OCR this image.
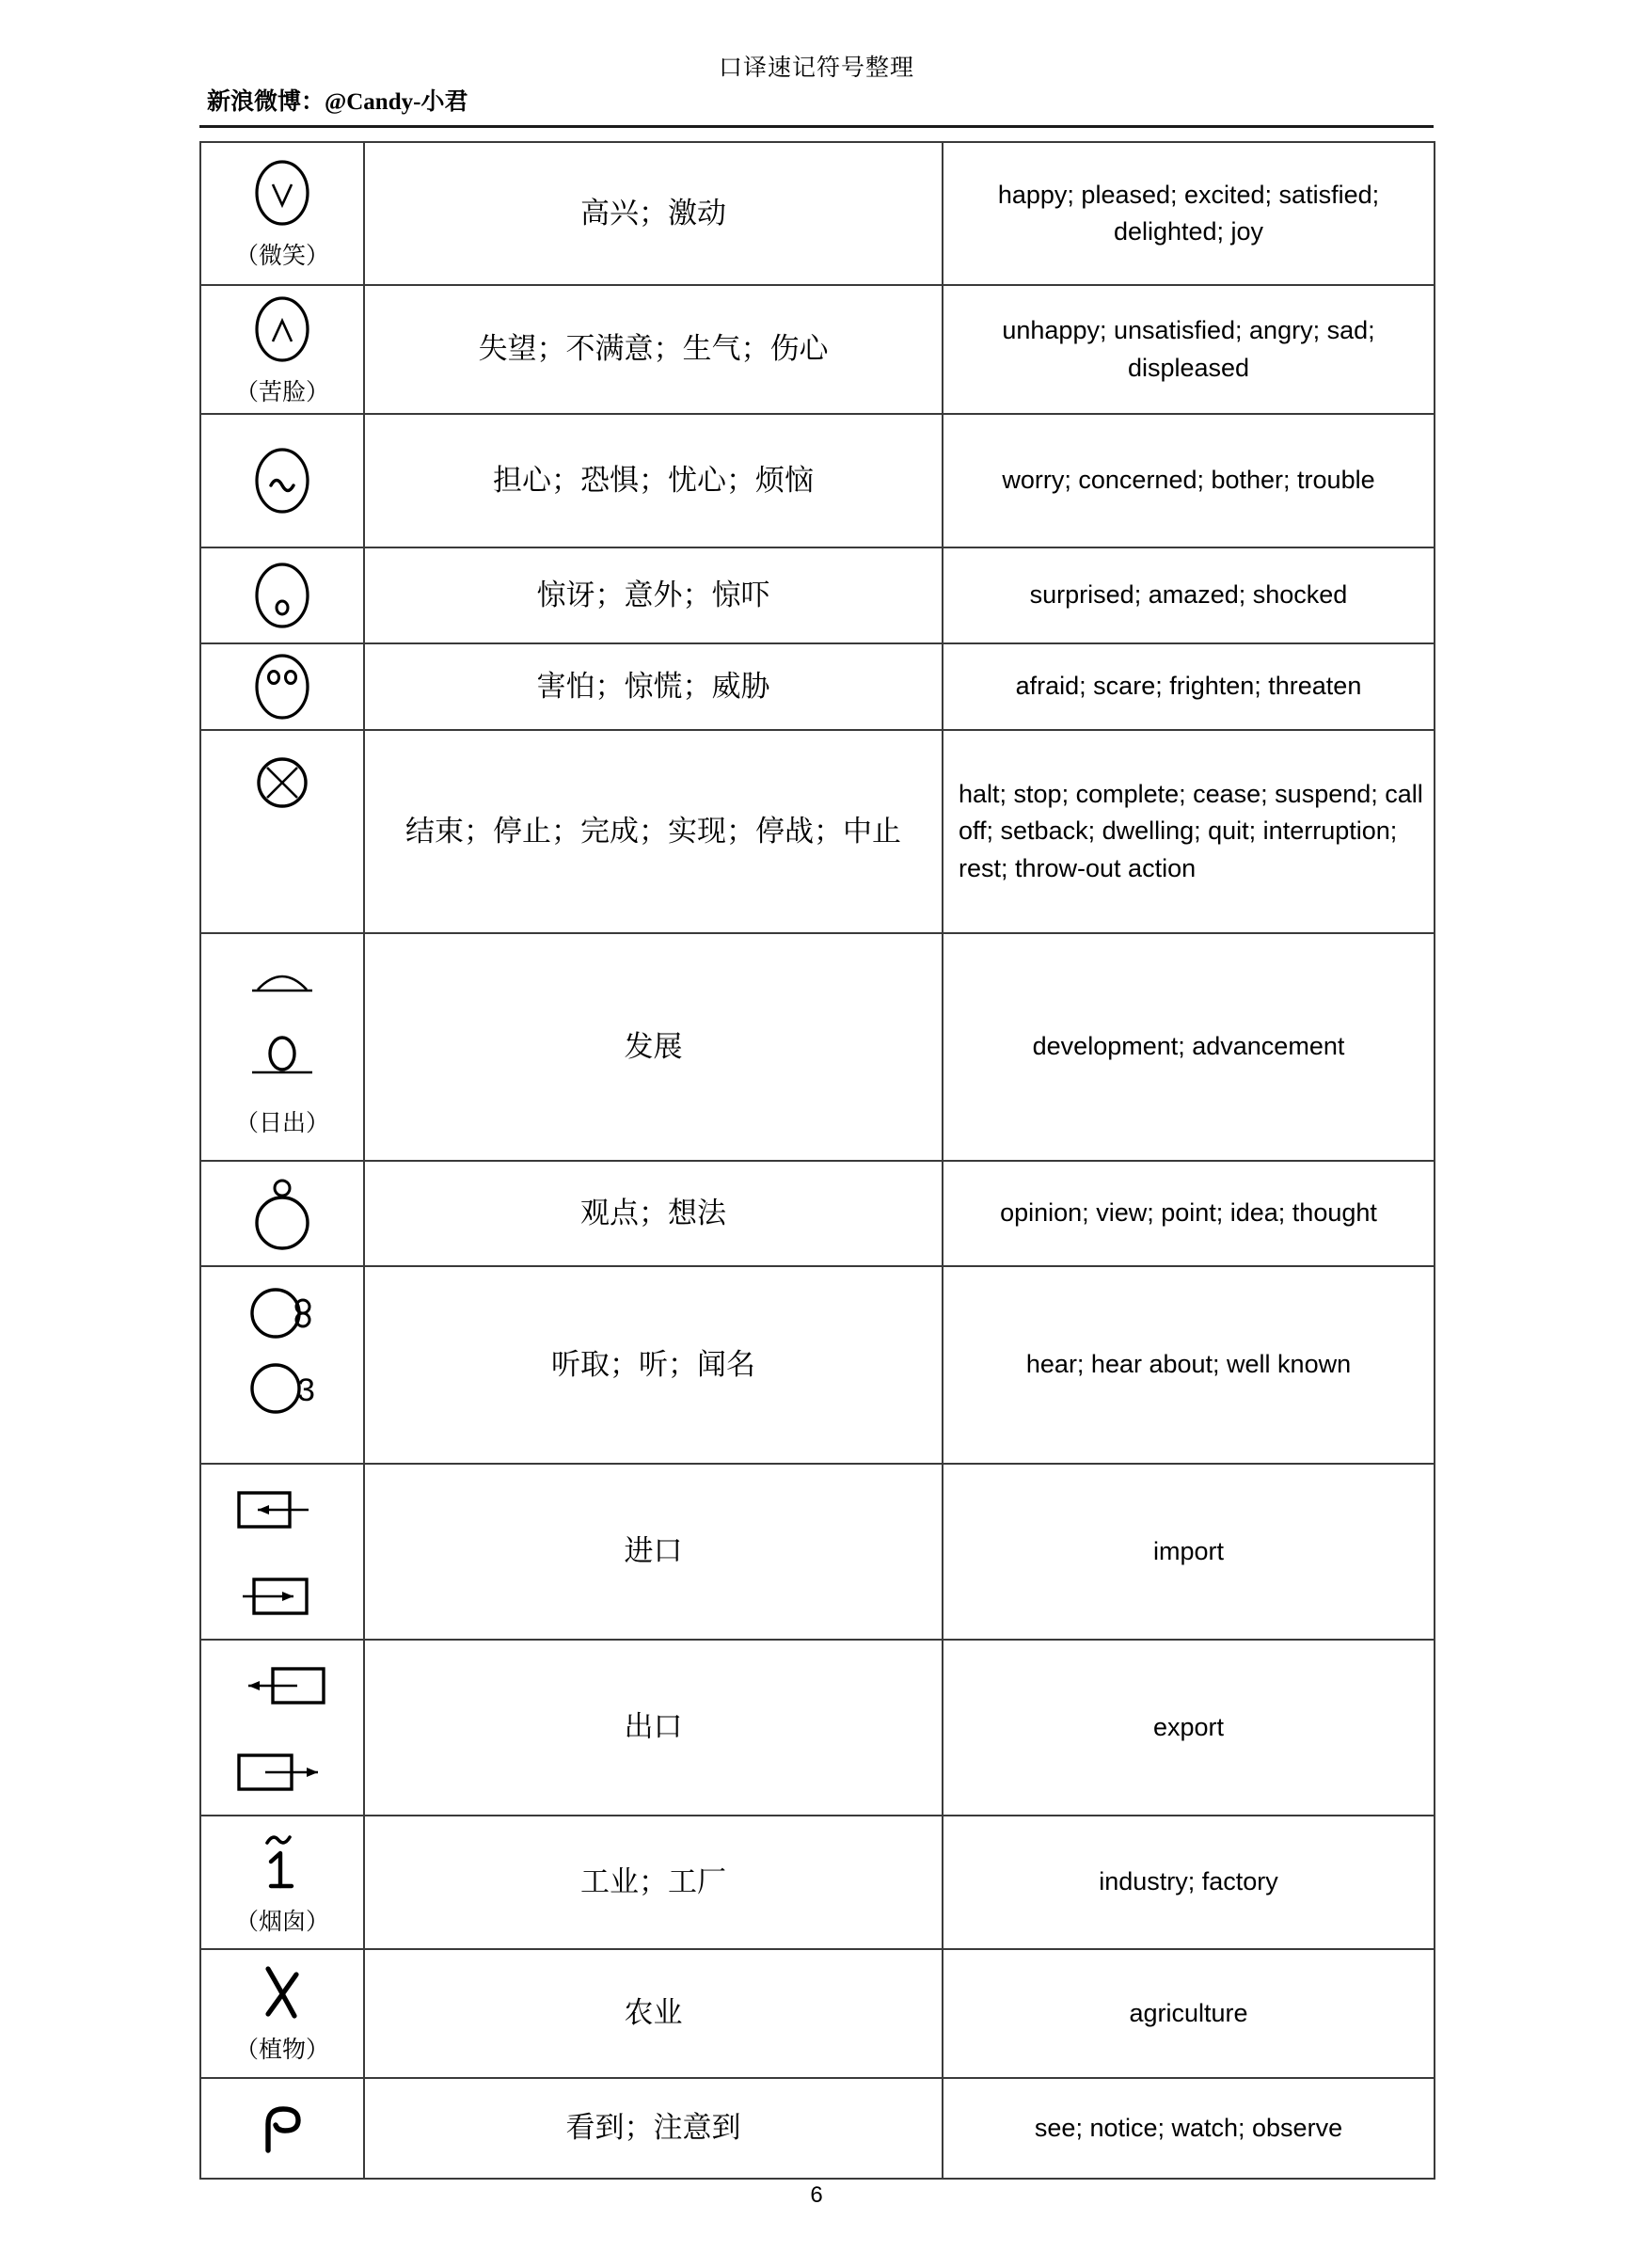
口译速记符号整理
新浪微博：@Candy-小君
（微笑）	高兴；激动	happy; pleased; excited; satisfied; delighted; joy

（苦脸）	失望；不满意；生气；伤心	unhappy; unsatisfied; angry; sad; displeased

	担心；恐惧；忧心；烦恼	worry; concerned; bother; trouble

	惊讶；意外；惊吓	surprised; amazed; shocked

	害怕；惊慌；威胁	afraid; scare; frighten; threaten

	结束；停止；完成；实现；停战；中止	halt; stop; complete; cease; suspend; call off; setback; dwelling; quit; interruption; rest; throw-out action

（日出）	发展	development; advancement

	观点；想法	opinion; view; point; idea; thought

3	听取；听；闻名	hear; hear about; well known

	进口	import

	出口	export

（烟囱）	工业；工厂	industry; factory

（植物）	农业	agriculture

	看到；注意到	see; notice; watch; observe
6
